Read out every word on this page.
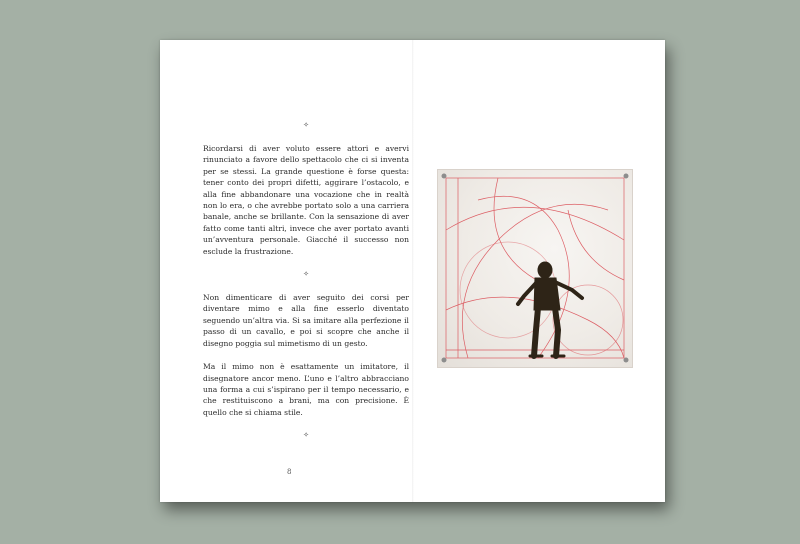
✧

Ricordarsi di aver voluto essere attori e avervi rinunciato a favore dello spettacolo che ci si inventa per se stessi. La grande questione è forse questa: tener conto dei propri difetti, aggirare l’ostacolo, e alla fine abbandonare una vocazione che in realtà non lo era, o che avrebbe portato solo a una carriera banale, anche se brillante. Con la sensazione di aver fatto come tanti altri, invece che aver portato avanti un’avventura personale. Giacché il successo non esclude la frustrazione.

✧

Non dimenticare di aver seguito dei corsi per diventare mimo e alla fine esserlo diventato seguendo un’altra via. Si sa imitare alla perfezione il passo di un cavallo, e poi si scopre che anche il disegno poggia sul mimetismo di un gesto.

Ma il mimo non è esattamente un imitatore, il disegnatore ancor meno. L’uno e l’altro abbracciano una forma a cui s’ispirano per il tempo necessario, e che restituiscono a brani, ma con precisione. È quello che si chiama stile.

✧
8
